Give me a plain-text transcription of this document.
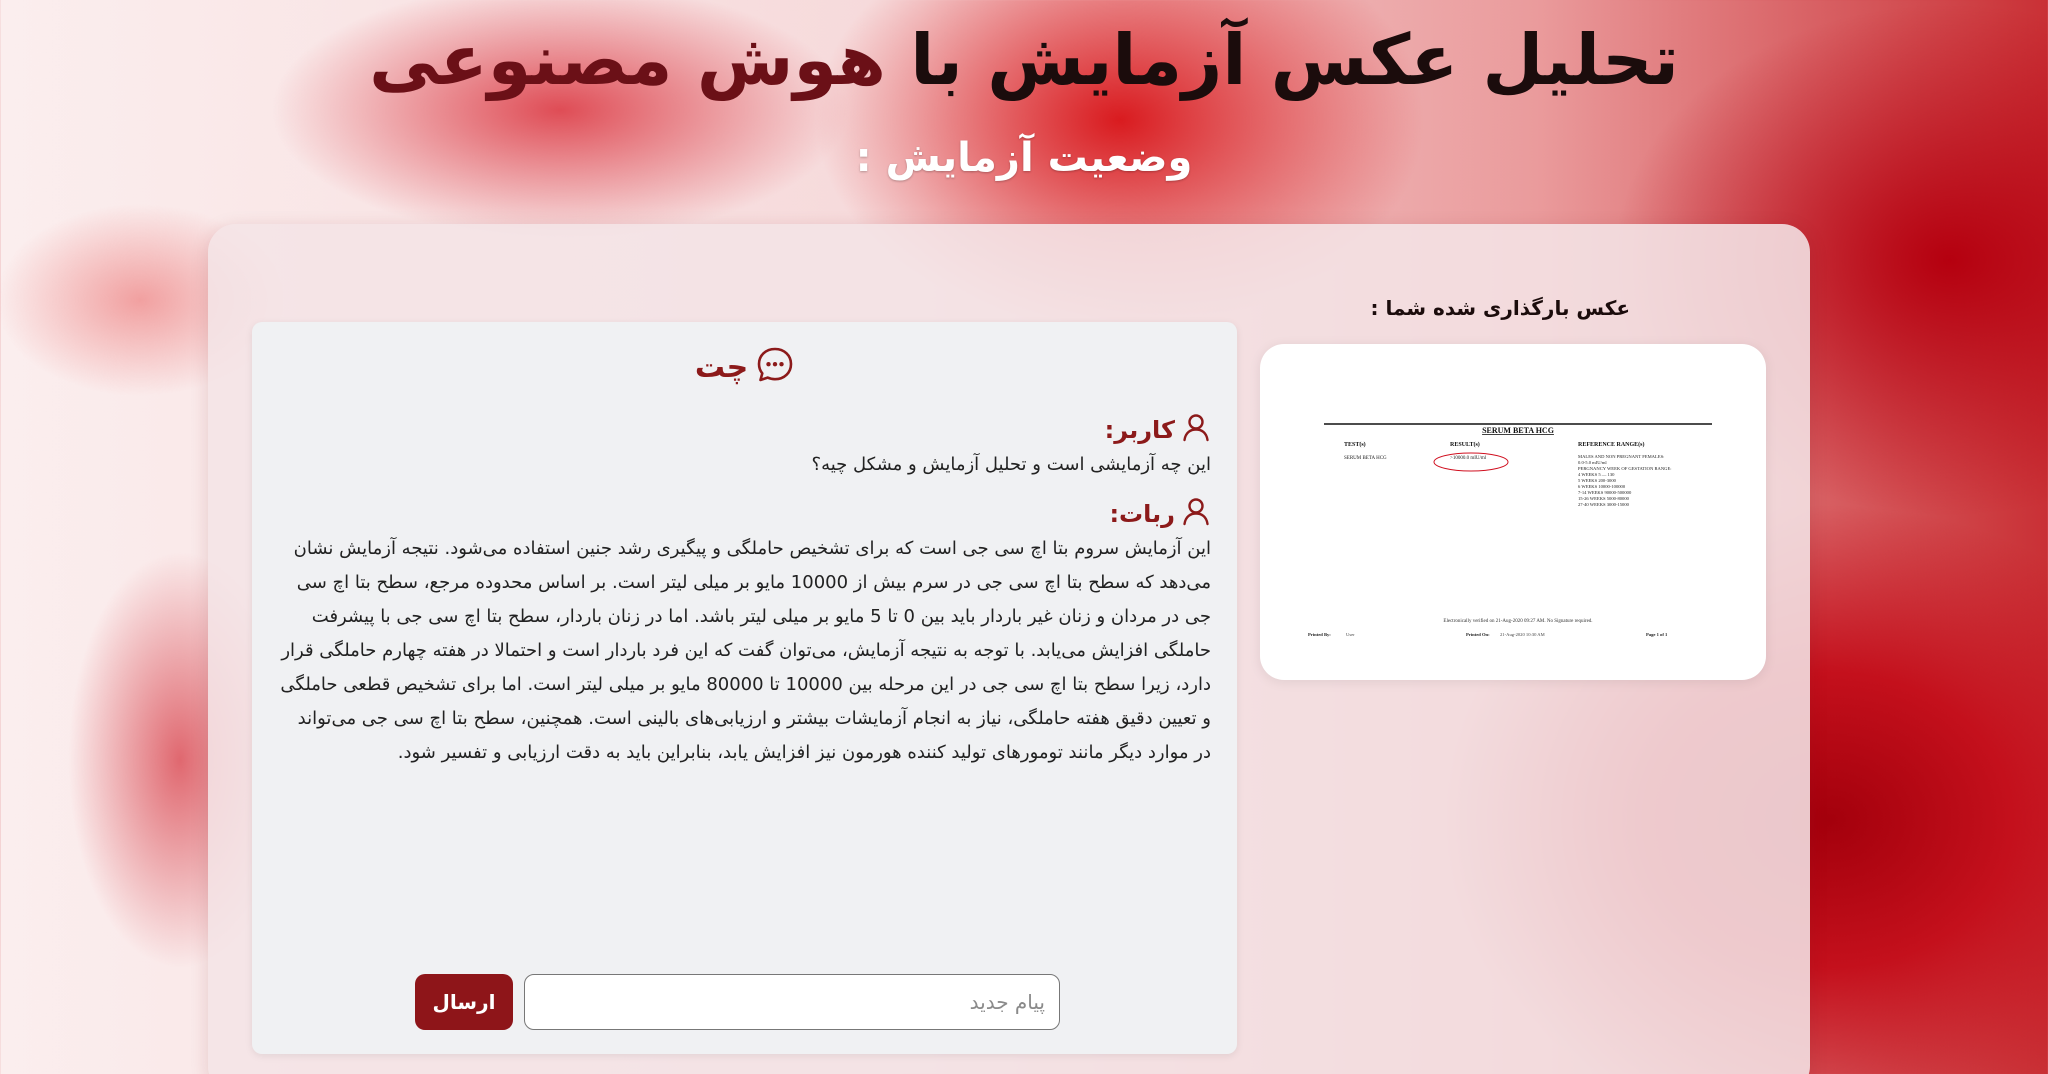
تحلیل عکس آزمایش با هوش مصنوعی
وضعیت آزمایش :
عکس بارگذاری شده شما :
SERUM BETA HCG
TEST(s)	RESULT(s)	REFERENCE RANGE(s)
SERUM BETA HCG	>10000.0 mIU/ml	MALES AND NON PREGNANT FEMALES:
0.0-5.0 mIU/ml
PERGNANCY WEEK OF GESTATION RANGE:
4 WEEKS 5 — 130
5 WEEKS 200-3000
6 WEEKS 10000-100000
7-14 WEEKS 90000-500000
15-26 WEEKS 5000-80000
27-40 WEEKS 3000-15000
Electronically verified on 21-Aug-2020 09:27 AM. No Signature required.
Printed By:	User	Printed On: 21-Aug-2020 10:30 AM	Page 1 of 1
چت
کاربر:
این چه آزمایشی است و تحلیل آزمایش و مشکل چیه؟
ربات:
این آزمایش سروم بتا اچ سی جی است که برای تشخیص حاملگی و پیگیری رشد جنین استفاده می‌شود. نتیجه آزمایش نشان می‌دهد که سطح بتا اچ سی جی در سرم بیش از 10000 مایو بر میلی لیتر است. بر اساس محدوده مرجع، سطح بتا اچ سی جی در مردان و زنان غیر باردار باید بین 0 تا 5 مایو بر میلی لیتر باشد. اما در زنان باردار، سطح بتا اچ سی جی با پیشرفت حاملگی افزایش می‌یابد. با توجه به نتیجه آزمایش، می‌توان گفت که این فرد باردار است و احتمالا در هفته چهارم حاملگی قرار دارد، زیرا سطح بتا اچ سی جی در این مرحله بین 10000 تا 80000 مایو بر میلی لیتر است. اما برای تشخیص قطعی حاملگی و تعیین دقیق هفته حاملگی، نیاز به انجام آزمایشات بیشتر و ارزیابی‌های بالینی است. همچنین، سطح بتا اچ سی جی می‌تواند در موارد دیگر مانند تومورهای تولید کننده هورمون نیز افزایش یابد، بنابراین باید به دقت ارزیابی و تفسیر شود.
ارسال
پیام جدید
